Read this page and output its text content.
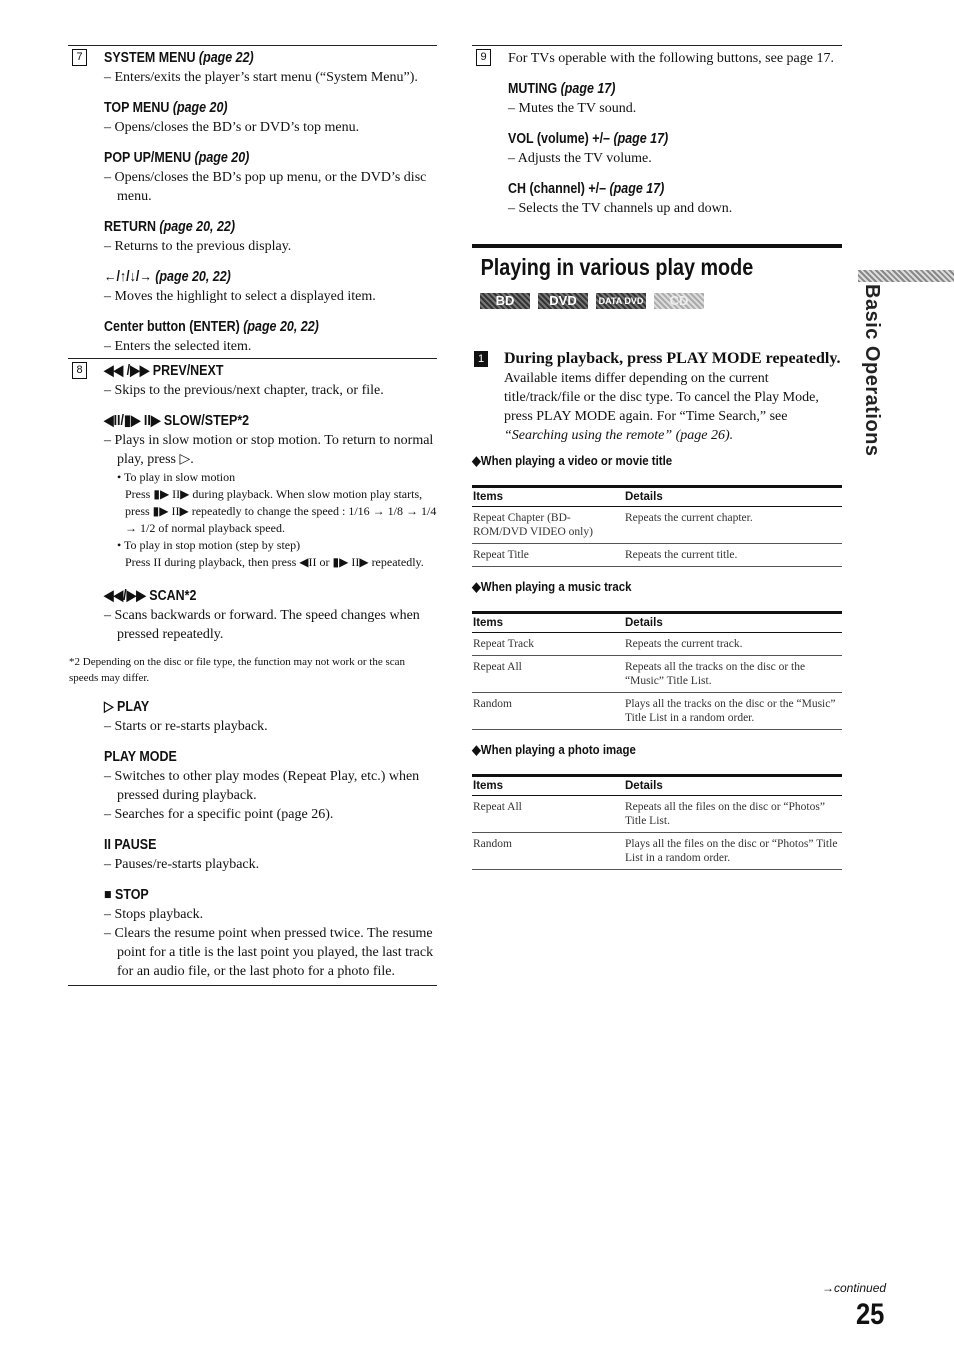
7	SYSTEM MENU (page 22)

– Enters/exits the player’s start menu (“System Menu”).

TOP MENU (page 20)

– Opens/closes the BD’s or DVD’s top menu.

POP UP/MENU (page 20)

– Opens/closes the BD’s pop up menu, or the DVD’s disc menu.

RETURN (page 20, 22)

– Returns to the previous display.

←/↑/↓/→ (page 20, 22)

– Moves the highlight to select a displayed item.

Center button (ENTER) (page 20, 22)

– Enters the selected item.

8	◀◀ /▶▶ PREV/NEXT

– Skips to the previous/next chapter, track, or file.

◀II/▮▶ II▶ SLOW/STEP*2

– Plays in slow motion or stop motion. To return to normal play, press ▷.

• To play in slow motion

Press ▮▶ II▶ during playback. When slow motion play starts, press ▮▶ II▶ repeatedly to change the speed : 1/16 → 1/8 → 1/4 → 1/2 of normal playback speed.

• To play in stop motion (step by step)

Press II during playback, then press ◀II or ▮▶ II▶ repeatedly.

◀◀/▶▶ SCAN*2

– Scans backwards or forward. The speed changes when pressed repeatedly.

*2 Depending on the disc or file type, the function may not work or the scan speeds may differ.

▷ PLAY

– Starts or re-starts playback.

PLAY MODE

– Switches to other play modes (Repeat Play, etc.) when pressed during playback.

– Searches for a specific point (page 26).

II PAUSE

– Pauses/re-starts playback.

■ STOP

– Stops playback.

– Clears the resume point when pressed twice. The resume point for a title is the last point you played, the last track for an audio file, or the last photo for a photo file.

9	For TVs operable with the following buttons, see page 17.

MUTING (page 17)

– Mutes the TV sound.

VOL (volume) +/– (page 17)

– Adjusts the TV volume.

CH (channel) +/– (page 17)

– Selects the TV channels up and down.

Playing in various play mode
BD	DVD	DATA DVD	CD
1 During playback, press PLAY MODE repeatedly.

Available items differ depending on the current title/track/file or the disc type. To cancel the Play Mode, press PLAY MODE again. For “Time Search,” see “Searching using the remote” (page 26).

◆When playing a video or movie title

Items	Details
Repeat Chapter (BD-ROM/DVD VIDEO only)	Repeats the current chapter.
Repeat Title	Repeats the current title.

◆When playing a music track

Items	Details
Repeat Track	Repeats the current track.
Repeat All	Repeats all the tracks on the disc or the “Music” Title List.
Random	Plays all the tracks on the disc or the “Music” Title List in a random order.

◆When playing a photo image

Items	Details
Repeat All	Repeats all the files on the disc or “Photos” Title List.
Random	Plays all the files on the disc or “Photos” Title List in a random order.
Basic Operations
→continued
25
